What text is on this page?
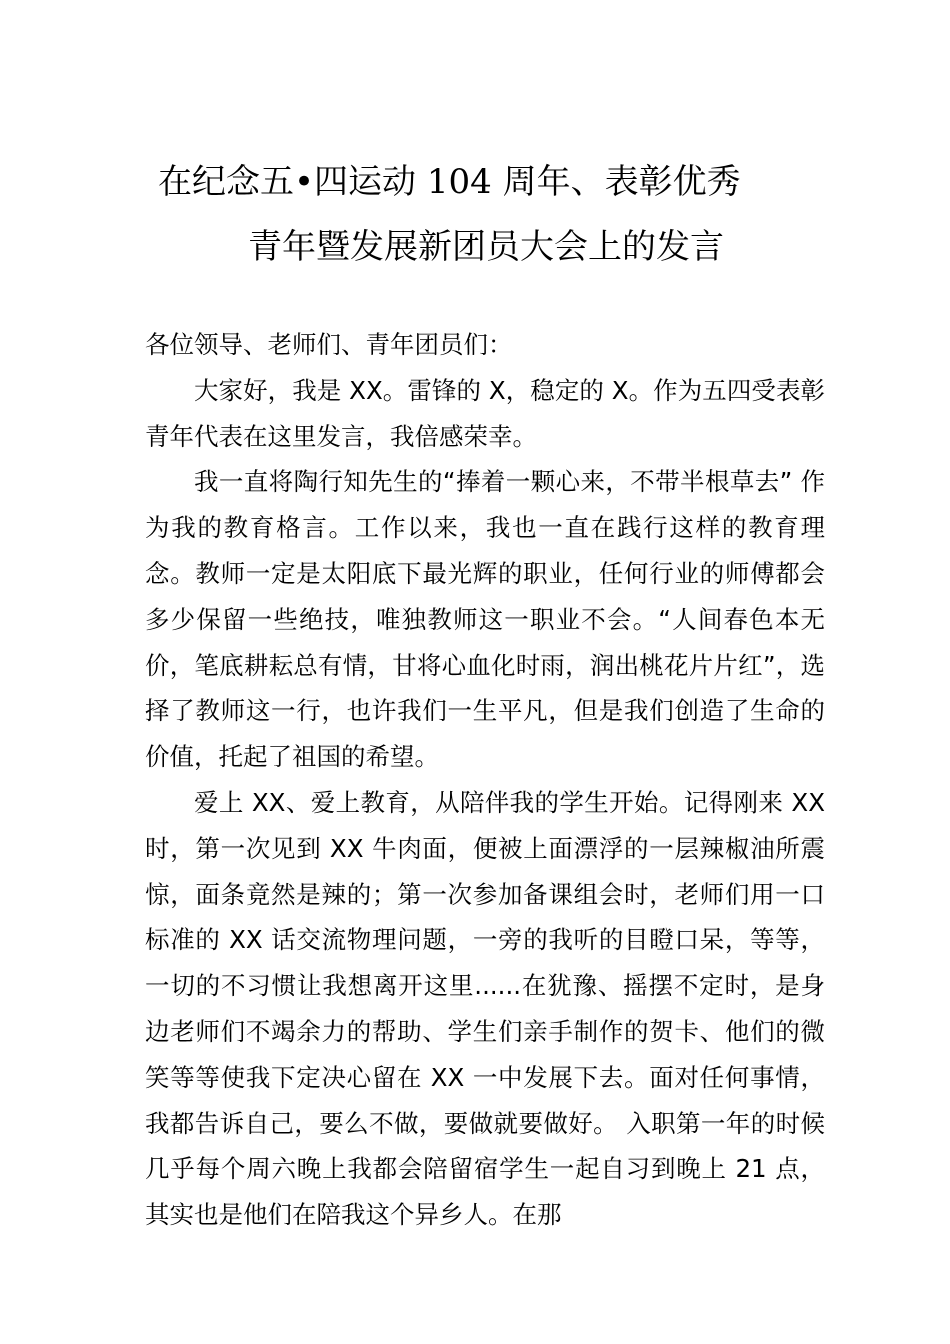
在纪念五•四运动 104 周年、表彰优秀
青年暨发展新团员大会上的发言

各位领导、老师们、青年团员们：

大家好，我是 XX。雷锋的 X，稳定的 X。作为五四受表彰青年代表在这里发言，我倍感荣幸。

我一直将陶行知先生的“捧着一颗心来，不带半根草去” 作为我的教育格言。工作以来，我也一直在践行这样的教育理念。教师一定是太阳底下最光辉的职业，任何行业的师傅都会多少保留一些绝技，唯独教师这一职业不会。“人间春色本无价，笔底耕耘总有情，甘将心血化时雨，润出桃花片片红”，选择了教师这一行，也许我们一生平凡，但是我们创造了生命的价值，托起了祖国的希望。

爱上 XX、爱上教育，从陪伴我的学生开始。记得刚来 XX 时，第一次见到 XX 牛肉面，便被上面漂浮的一层辣椒油所震惊，面条竟然是辣的；第一次参加备课组会时，老师们用一口标准的 XX 话交流物理问题，一旁的我听的目瞪口呆，等等，一切的不习惯让我想离开这里......在犹豫、摇摆不定时，是身边老师们不竭余力的帮助、学生们亲手制作的贺卡、他们的微笑等等使我下定决心留在 XX 一中发展下去。面对任何事情，我都告诉自己，要么不做，要做就要做好。 入职第一年的时候几乎每个周六晚上我都会陪留宿学生一起自习到晚上 21 点，其实也是他们在陪我这个异乡人。在那
